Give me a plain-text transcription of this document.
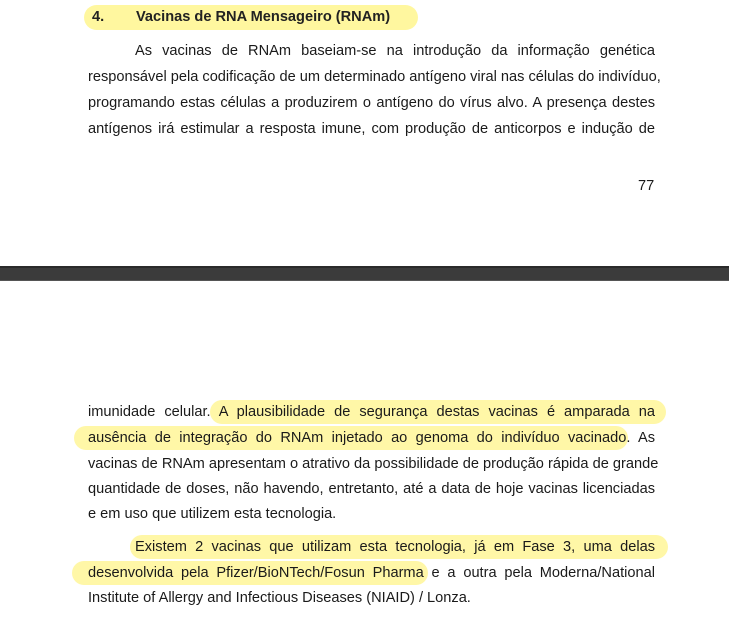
4. Vacinas de RNA Mensageiro (RNAm)
As vacinas de RNAm baseiam-se na introdução da informação genética
responsável pela codificação de um determinado antígeno viral nas células do indivíduo,
programando estas células a produzirem o antígeno do vírus alvo. A presença destes
antígenos irá estimular a resposta imune, com produção de anticorpos e indução de
77
imunidade celular. A plausibilidade de segurança destas vacinas é amparada na
ausência de integração do RNAm injetado ao genoma do indivíduo vacinado. As
vacinas de RNAm apresentam o atrativo da possibilidade de produção rápida de grande
quantidade de doses, não havendo, entretanto, até a data de hoje vacinas licenciadas
e em uso que utilizem esta tecnologia.
Existem 2 vacinas que utilizam esta tecnologia, já em Fase 3, uma delas
desenvolvida pela Pfizer/BioNTech/Fosun Pharma e a outra pela Moderna/National
Institute of Allergy and Infectious Diseases (NIAID) / Lonza.
